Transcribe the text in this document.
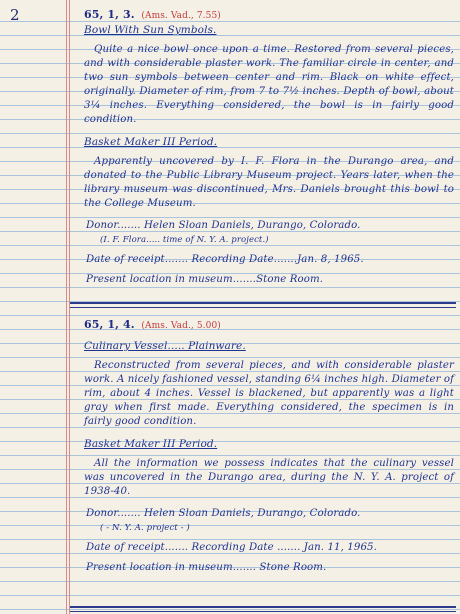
2	65, 1, 3. (Ams. Vad., 7.55)
Bowl With Sun Symbols.
Quite a nice bowl once upon a time. Restored from several pieces, and with considerable plaster work. The familiar circle in center, and two sun symbols between center and rim. Black on white effect, originally. Diameter of rim, from 7 to 7½ inches. Depth of bowl, about 3¼ inches. Everything considered, the bowl is in fairly good condition.
Basket Maker III Period.
Apparently uncovered by I. F. Flora in the Durango area, and donated to the Public Library Museum project. Years later, when the library museum was discontinued, Mrs. Daniels brought this bowl to the College Museum.
Donor....... Helen Sloan Daniels, Durango, Colorado.
(I. F. Flora..... time of N. Y. A. project.)
Date of receipt....... Recording Date.......Jan. 8, 1965.
Present location in museum.......Stone Room.
65, 1, 4. (Ams. Vad., 5.00)
Culinary Vessel..... Plainware.
Reconstructed from several pieces, and with considerable plaster work. A nicely fashioned vessel, standing 6¼ inches high. Diameter of rim, about 4 inches. Vessel is blackened, but apparently was a light gray when first made. Everything considered, the specimen is in fairly good condition.
Basket Maker III Period.
All the information we possess indicates that the culinary vessel was uncovered in the Durango area, during the N. Y. A. project of 1938-40.
Donor....... Helen Sloan Daniels, Durango, Colorado.
( - N. Y. A. project - )
Date of receipt....... Recording Date ....... Jan. 11, 1965.
Present location in museum....... Stone Room.
